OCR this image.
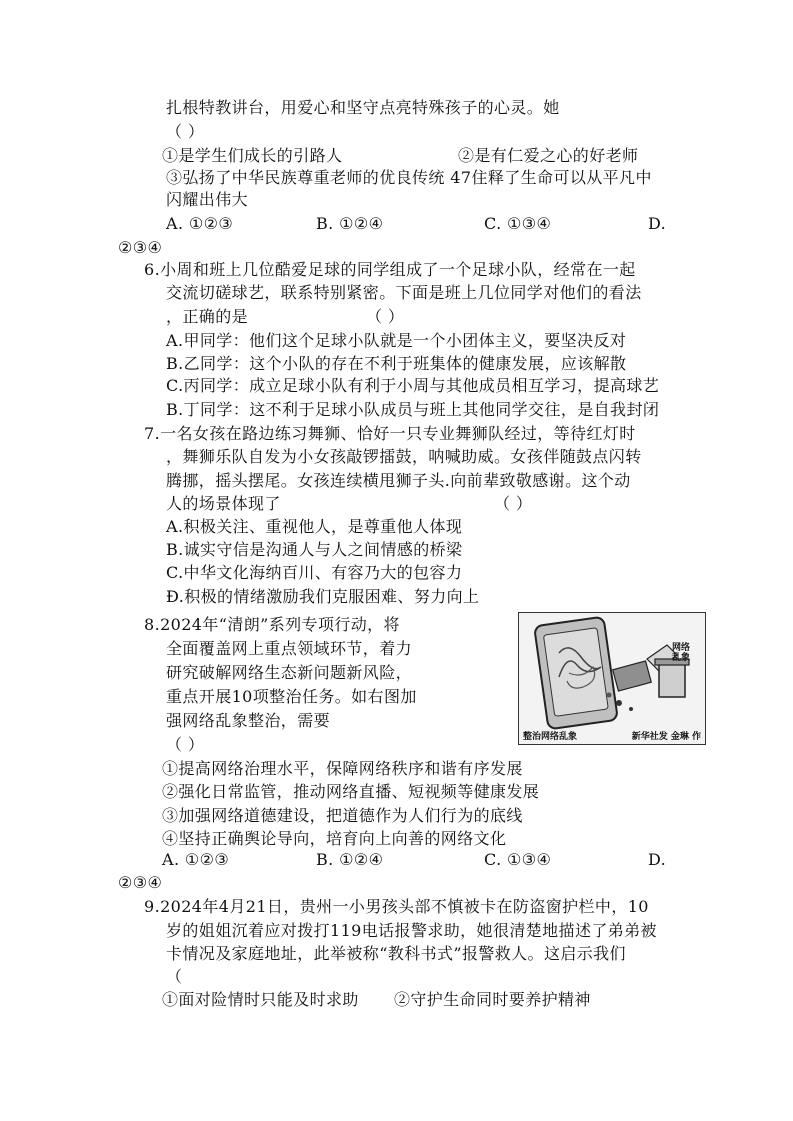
扎根特教讲台，用爱心和坚守点亮特殊孩子的心灵。她
（ ）
①是学生们成长的引路人	②是有仁爱之心的好老师
③弘扬了中华民族尊重老师的优良传统 47住释了生命可以从平凡中
闪耀出伟大
A. ①②③	B. ①②④	C. ①③④	D.
②③④
6.小周和班上几位酷爱足球的同学组成了一个足球小队，经常在一起
交流切磋球艺，联系特别紧密。下面是班上几位同学对他们的看法
，正确的是	（ ）
A.甲同学：他们这个足球小队就是一个小团体主义，要坚决反对
B.乙同学：这个小队的存在不利于班集体的健康发展，应该解散
C.丙同学：成立足球小队有利于小周与其他成员相互学习，提高球艺
B.丁同学：这不利于足球小队成员与班上其他同学交往，是自我封闭
7.一名女孩在路边练习舞狮、恰好一只专业舞狮队经过，等待红灯时
，舞狮乐队自发为小女孩敲锣擂鼓，呐喊助威。女孩伴随鼓点闪转
腾挪，摇头摆尾。女孩连续横甩狮子头.向前辈致敬感谢。这个动
人的场景体现了	（ ）
A.积极关注、重视他人，是尊重他人体现
B.诚实守信是沟通人与人之间情感的桥梁
C.中华文化海纳百川、有容乃大的包容力
Đ.积极的情绪激励我们克服困难、努力向上
8.2024年“清朗”系列专项行动，将
全面覆盖网上重点领域环节，着力
研究破解网络生态新问题新风险，
重点开展10项整治任务。如右图加
强网络乱象整治，需要
（ ）
网络乱象
整治网络乱象	新华社发 金琳 作
①提高网络治理水平，保障网络秩序和谐有序发展
②强化日常监管，推动网络直播、短视频等健康发展
③加强网络道德建设，把道德作为人们行为的底线
④坚持正确舆论导向，培育向上向善的网络文化
A. ①②③	B. ①②④	C. ①③④	D.
②③④
9.2024年4月21日，贵州一小男孩头部不慎被卡在防盗窗护栏中，10
岁的姐姐沉着应对拨打119电话报警求助，她很清楚地描述了弟弟被
卡情况及家庭地址，此举被称“教科书式”报警救人。这启示我们
（
①面对险情时只能及时求助 ②守护生命同时要养护精神
